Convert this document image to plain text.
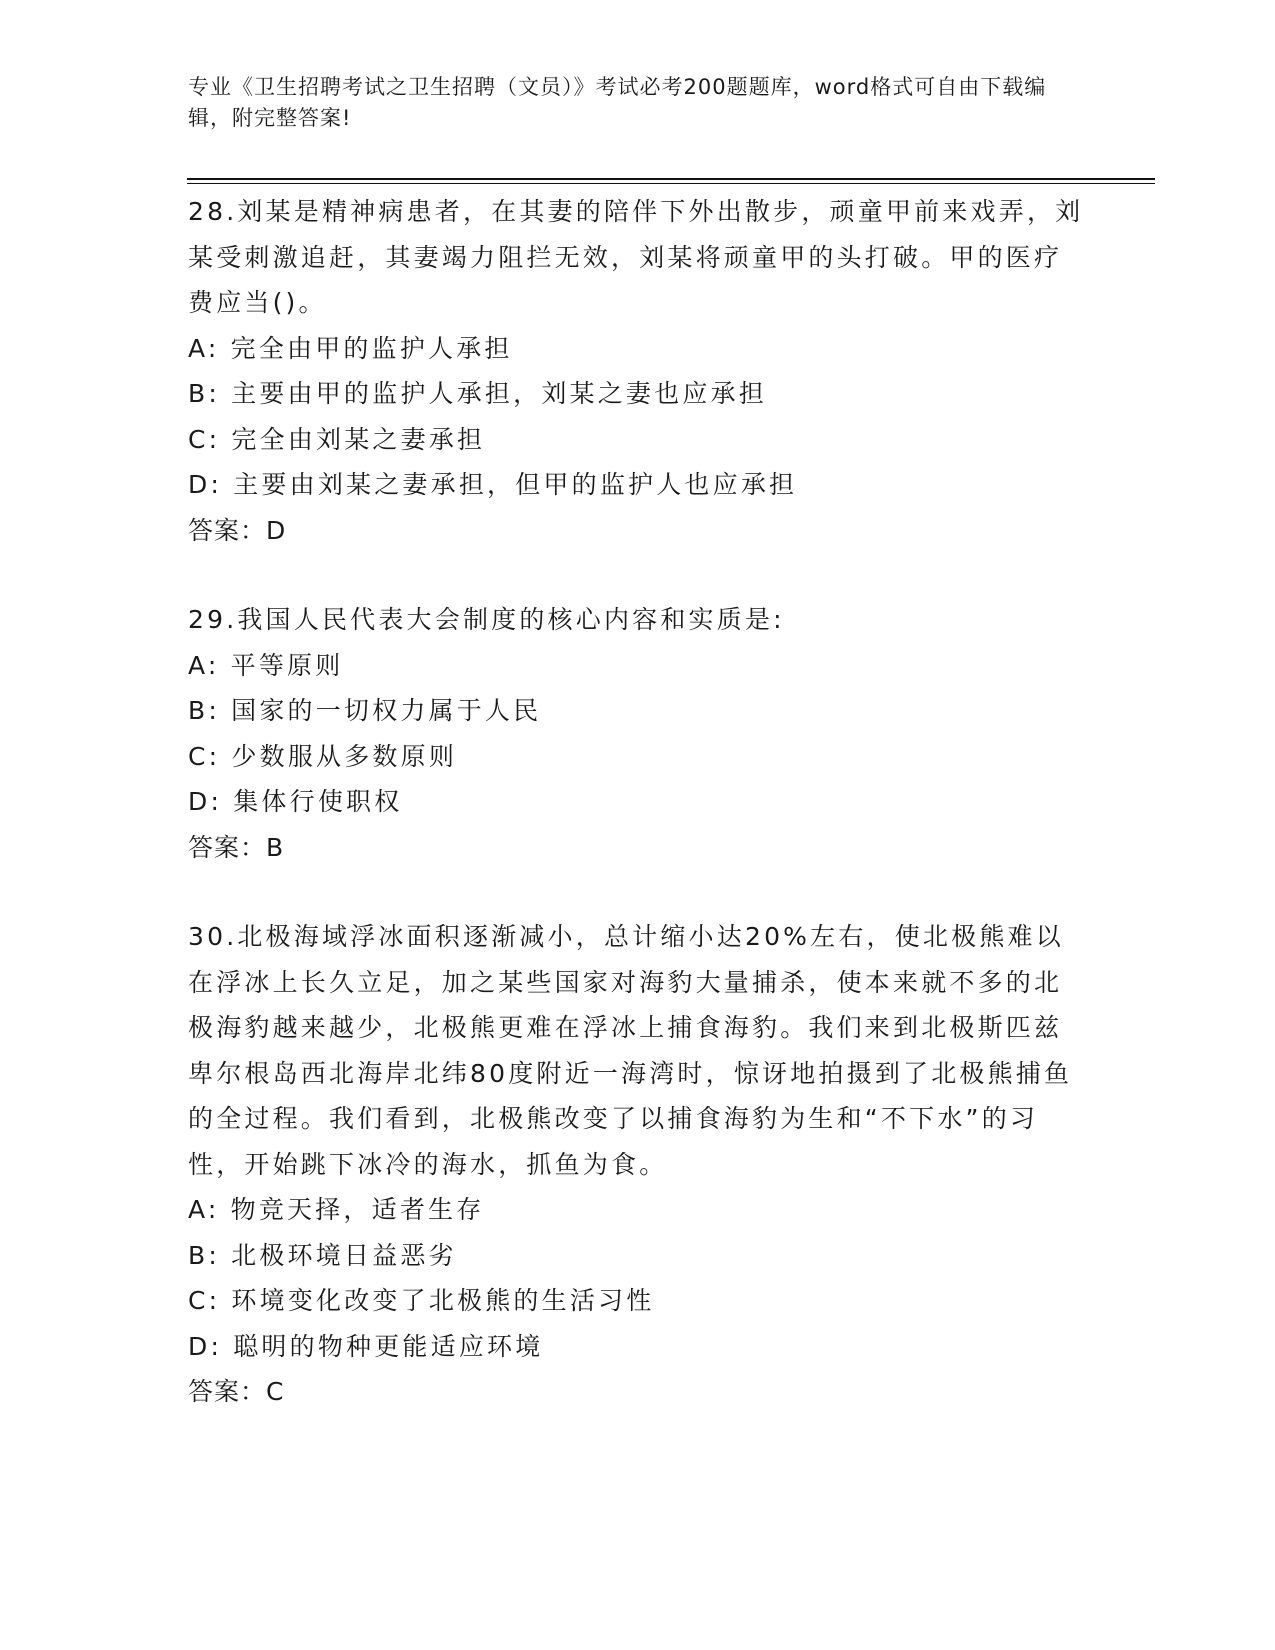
专业《卫生招聘考试之卫生招聘（文员）》考试必考200题题库，word格式可自由下载编辑，附完整答案!

28.刘某是精神病患者，在其妻的陪伴下外出散步，顽童甲前来戏弄，刘某受刺激追赶，其妻竭力阻拦无效，刘某将顽童甲的头打破。甲的医疗费应当()。

A: 完全由甲的监护人承担

B: 主要由甲的监护人承担，刘某之妻也应承担

C: 完全由刘某之妻承担

D: 主要由刘某之妻承担，但甲的监护人也应承担

答案：D

29.我国人民代表大会制度的核心内容和实质是:

A: 平等原则

B: 国家的一切权力属于人民

C: 少数服从多数原则

D: 集体行使职权

答案：B

30.北极海域浮冰面积逐渐减小，总计缩小达20%左右，使北极熊难以在浮冰上长久立足，加之某些国家对海豹大量捕杀，使本来就不多的北极海豹越来越少，北极熊更难在浮冰上捕食海豹。我们来到北极斯匹兹卑尔根岛西北海岸北纬80度附近一海湾时，惊讶地拍摄到了北极熊捕鱼的全过程。我们看到，北极熊改变了以捕食海豹为生和“不下水”的习性，开始跳下冰冷的海水，抓鱼为食。

A: 物竞天择，适者生存

B: 北极环境日益恶劣

C: 环境变化改变了北极熊的生活习性

D: 聪明的物种更能适应环境

答案：C
